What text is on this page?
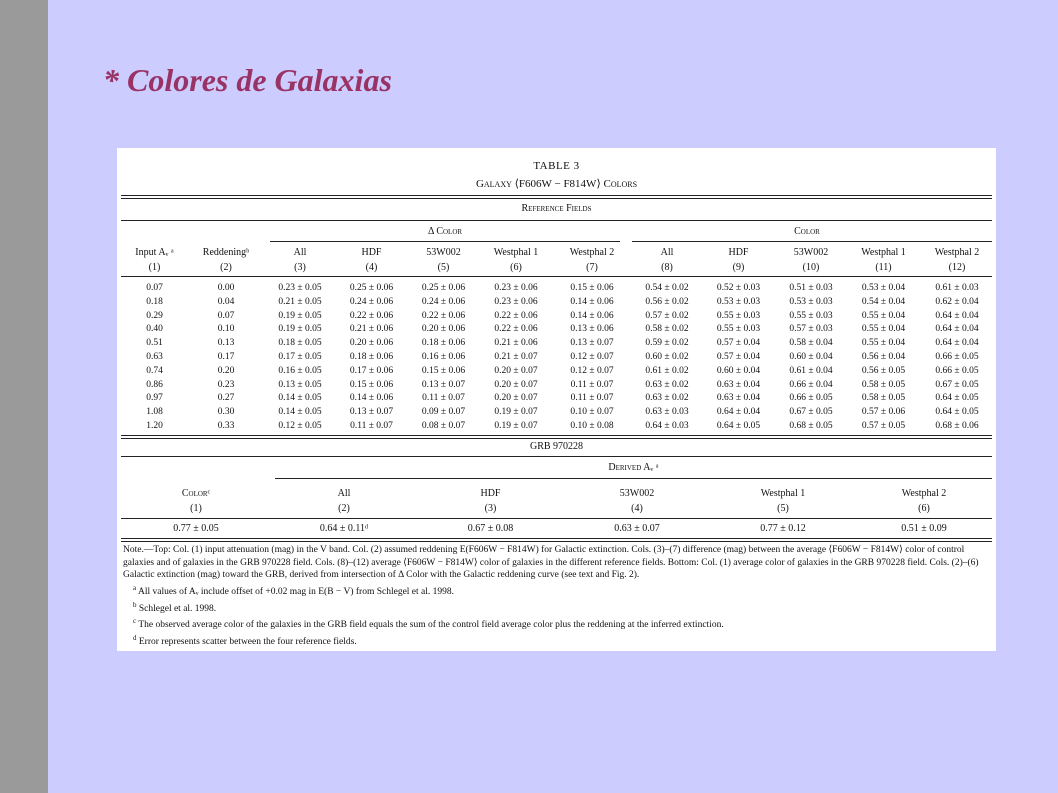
* Colores de Galaxias
TABLE 3
Galaxy ⟨F606W − F814W⟩ Colors
Reference Fields
Δ Color	Color
Input Aᵥ ᵃ	Reddeningᵇ	All	HDF	53W002	Westphal 1	Westphal 2	All	HDF	53W002	Westphal 1	Westphal 2
(1)	(2)	(3)	(4)	(5)	(6)	(7)	(8)	(9)	(10)	(11)	(12)
0.07	0.00	0.23 ± 0.05	0.25 ± 0.06	0.25 ± 0.06	0.23 ± 0.06	0.15 ± 0.06	0.54 ± 0.02	0.52 ± 0.03	0.51 ± 0.03	0.53 ± 0.04	0.61 ± 0.03
0.18	0.04	0.21 ± 0.05	0.24 ± 0.06	0.24 ± 0.06	0.23 ± 0.06	0.14 ± 0.06	0.56 ± 0.02	0.53 ± 0.03	0.53 ± 0.03	0.54 ± 0.04	0.62 ± 0.04
0.29	0.07	0.19 ± 0.05	0.22 ± 0.06	0.22 ± 0.06	0.22 ± 0.06	0.14 ± 0.06	0.57 ± 0.02	0.55 ± 0.03	0.55 ± 0.03	0.55 ± 0.04	0.64 ± 0.04
0.40	0.10	0.19 ± 0.05	0.21 ± 0.06	0.20 ± 0.06	0.22 ± 0.06	0.13 ± 0.06	0.58 ± 0.02	0.55 ± 0.03	0.57 ± 0.03	0.55 ± 0.04	0.64 ± 0.04
0.51	0.13	0.18 ± 0.05	0.20 ± 0.06	0.18 ± 0.06	0.21 ± 0.06	0.13 ± 0.07	0.59 ± 0.02	0.57 ± 0.04	0.58 ± 0.04	0.55 ± 0.04	0.64 ± 0.04
0.63	0.17	0.17 ± 0.05	0.18 ± 0.06	0.16 ± 0.06	0.21 ± 0.07	0.12 ± 0.07	0.60 ± 0.02	0.57 ± 0.04	0.60 ± 0.04	0.56 ± 0.04	0.66 ± 0.05
0.74	0.20	0.16 ± 0.05	0.17 ± 0.06	0.15 ± 0.06	0.20 ± 0.07	0.12 ± 0.07	0.61 ± 0.02	0.60 ± 0.04	0.61 ± 0.04	0.56 ± 0.05	0.66 ± 0.05
0.86	0.23	0.13 ± 0.05	0.15 ± 0.06	0.13 ± 0.07	0.20 ± 0.07	0.11 ± 0.07	0.63 ± 0.02	0.63 ± 0.04	0.66 ± 0.04	0.58 ± 0.05	0.67 ± 0.05
0.97	0.27	0.14 ± 0.05	0.14 ± 0.06	0.11 ± 0.07	0.20 ± 0.07	0.11 ± 0.07	0.63 ± 0.02	0.63 ± 0.04	0.66 ± 0.05	0.58 ± 0.05	0.64 ± 0.05
1.08	0.30	0.14 ± 0.05	0.13 ± 0.07	0.09 ± 0.07	0.19 ± 0.07	0.10 ± 0.07	0.63 ± 0.03	0.64 ± 0.04	0.67 ± 0.05	0.57 ± 0.06	0.64 ± 0.05
1.20	0.33	0.12 ± 0.05	0.11 ± 0.07	0.08 ± 0.07	0.19 ± 0.07	0.10 ± 0.08	0.64 ± 0.03	0.64 ± 0.05	0.68 ± 0.05	0.57 ± 0.05	0.68 ± 0.06
GRB 970228
Derived Aᵥ ᵃ
Colorᶜ	All	HDF	53W002	Westphal 1	Westphal 2
(1)	(2)	(3)	(4)	(5)	(6)
0.77 ± 0.05	0.64 ± 0.11ᵈ	0.67 ± 0.08	0.63 ± 0.07	0.77 ± 0.12	0.51 ± 0.09

Note.—Top: Col. (1) input attenuation (mag) in the V band. Col. (2) assumed reddening E(F606W − F814W) for Galactic extinction. Cols. (3)–(7) difference (mag) between the average ⟨F606W − F814W⟩ color of control galaxies and of galaxies in the GRB 970228 field. Cols. (8)–(12) average ⟨F606W − F814W⟩ color of galaxies in the different reference fields. Bottom: Col. (1) average color of galaxies in the GRB 970228 field. Cols. (2)–(6) Galactic extinction (mag) toward the GRB, derived from intersection of Δ Color with the Galactic reddening curve (see text and Fig. 2).

$^a$ All values of Aᵥ include offset of +0.02 mag in E(B − V) from Schlegel et al. 1998.

$^b$ Schlegel et al. 1998.

$^c$ The observed average color of the galaxies in the GRB field equals the sum of the control field average color plus the reddening at the inferred extinction.

$^d$ Error represents scatter between the four reference fields.
